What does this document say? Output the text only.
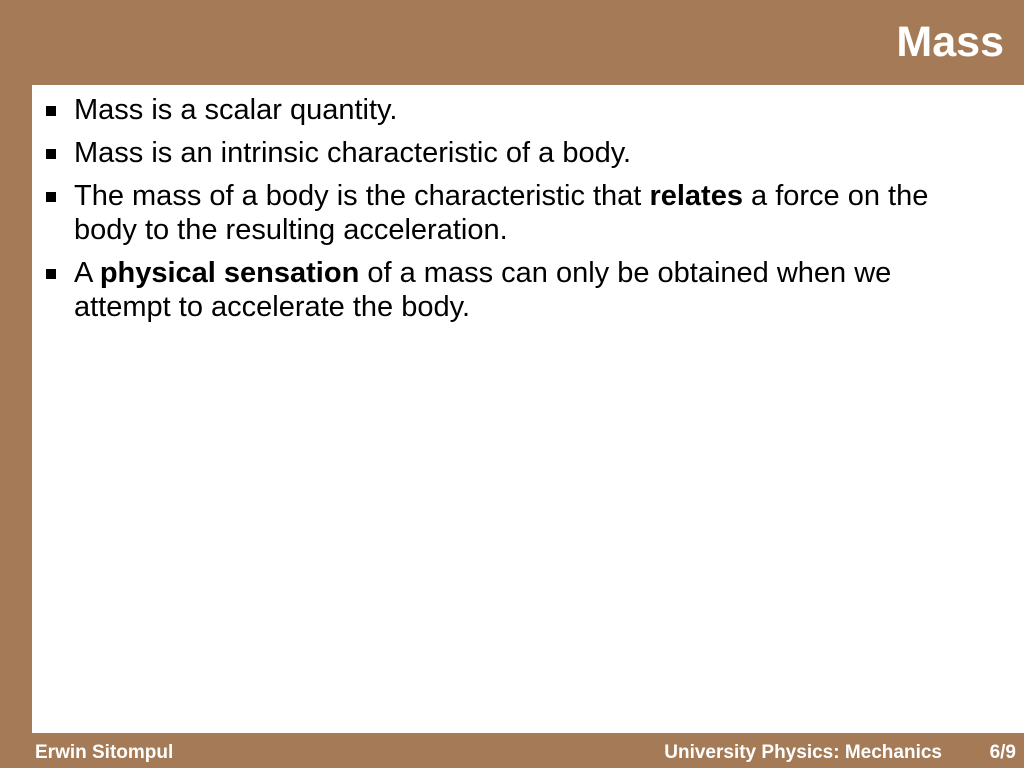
Mass
Mass is a scalar quantity.
Mass is an intrinsic characteristic of a body.
The mass of a body is the characteristic that relates a force on the body to the resulting acceleration.
A physical sensation of a mass can only be obtained when we attempt to accelerate the body.
Erwin Sitompul	University Physics: Mechanics	6/9
